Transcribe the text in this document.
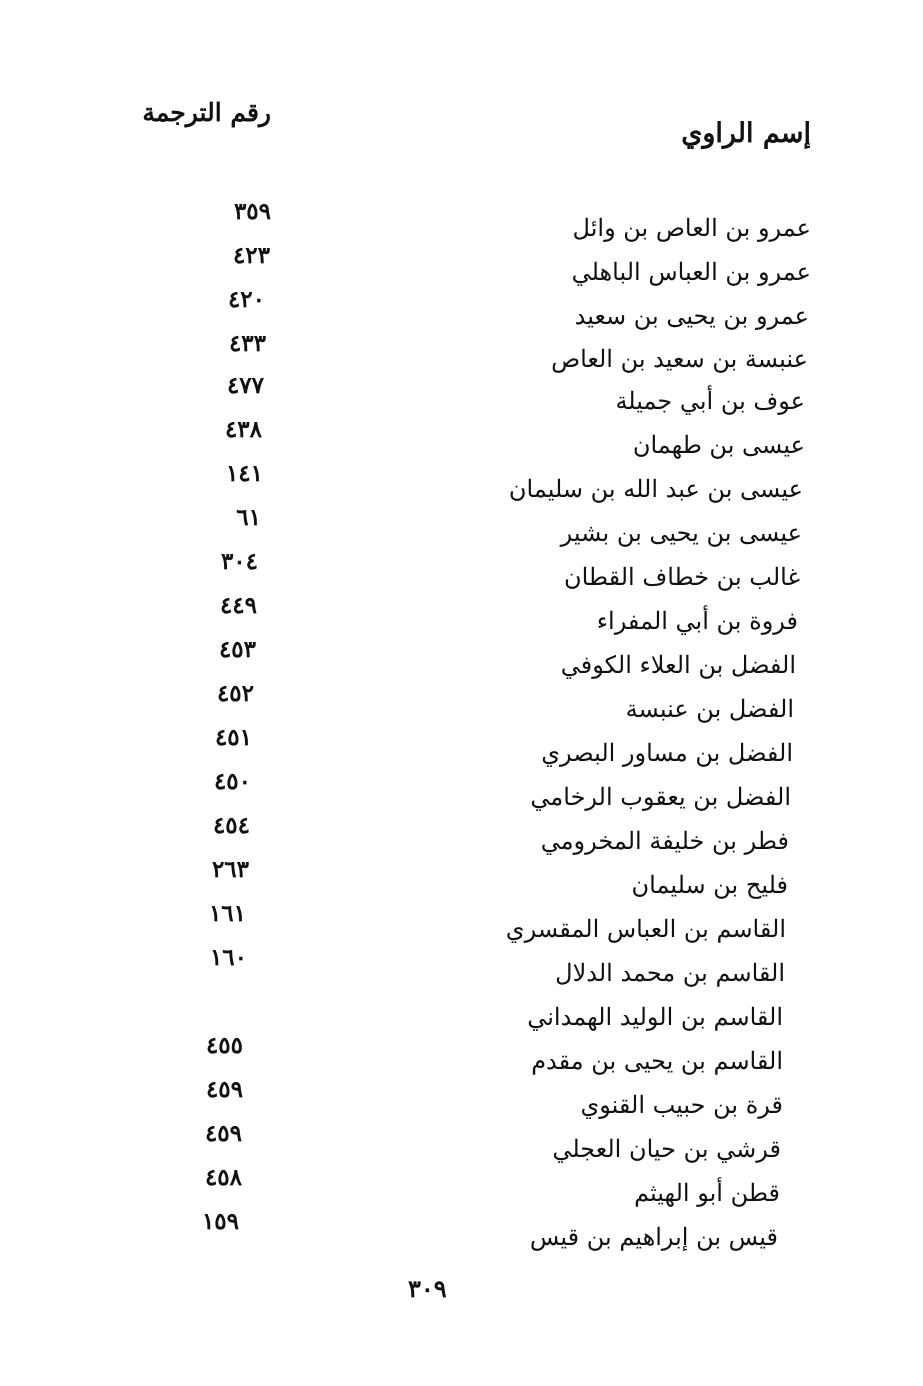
إسم الراوي
رقم الترجمة
عمرو بن العاص بن وائل
٣٥٩
عمرو بن العباس الباهلي
٤٢٣
عمرو بن يحيى بن سعيد
٤٢٠
عنبسة بن سعيد بن العاص
٤٣٣
عوف بن أبي جميلة
٤٧٧
عيسى بن طهمان
٤٣٨
عيسى بن عبد الله بن سليمان
١٤١
عيسى بن يحيى بن بشير
٦١
غالب بن خطاف القطان
٣٠٤
فروة بن أبي المفراء
٤٤٩
الفضل بن العلاء الكوفي
٤٥٣
الفضل بن عنبسة
٤٥٢
الفضل بن مساور البصري
٤٥١
الفضل بن يعقوب الرخامي
٤٥٠
فطر بن خليفة المخرومي
٤٥٤
فليح بن سليمان
٢٦٣
القاسم بن العباس المقسري
١٦١
القاسم بن محمد الدلال
١٦٠
القاسم بن الوليد الهمداني
القاسم بن يحيى بن مقدم
٤٥٥
قرة بن حبيب القنوي
٤٥٩
قرشي بن حيان العجلي
٤٥٩
قطن أبو الهيثم
٤٥٨
قيس بن إبراهيم بن قيس
١٥٩
٣٠٩
